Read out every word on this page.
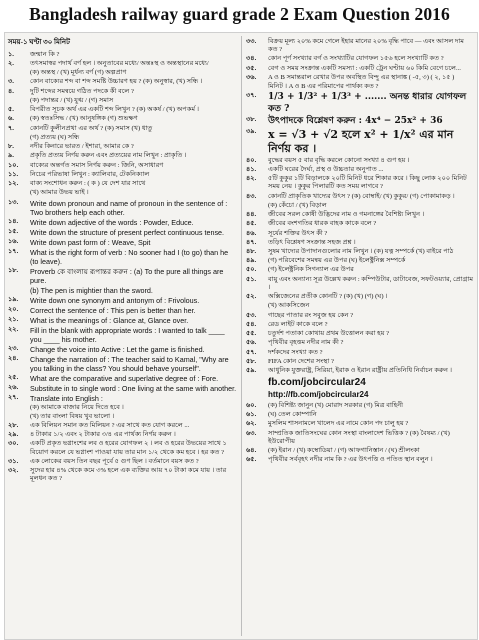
Bangladesh railway guard grade 2 Exam Question 2016
সময়-১ ঘণ্টা ৩০ মিনিট
১.	জন্মান কি ?
২.	তৎসমাস্বর পদার্থ বর্ণ হল । অনুতাবের মধ্যে/ অন্তঃস্থ ও অন্তস্থানের মধ্যে/
(ক) অন্তস্থ / (খ) মূর্ধন্য বর্ণ (গ) অল্পপ্রাণ
৩.	কোন বাক্যের শব্দ বা শব্দ সমষ্টি উচ্চারণ হয় ? (ক) অনুস্বার, (খ) সন্ধি ।
৪.	দুটি শব্দের সমন্বয়ে গঠিত পদকে কী বলে ?
(ক) পদান্তর / (খ) যুগ্ম / (গ) সমাস
৫.	বিপরীত সূচক অর্থ এর একটি শব্দ লিখুন ? (ক) অকর্ষ / (খ) অপকর্ম ।
৬.	(ক) স্বতঃসিদ্ধ / (খ) আনুষঙ্গিক (গ) শুভক্ষণ
৭.	কোনটি কুলীনপ্রথা এর অর্থ ? (ক) সমাস (খ) ধাতু
(গ) প্রত্যয় (ঘ) সন্ধি
৮.	নদীর কিনারে ভারত / ইশারা, আমার কে ?
৯.	প্রকৃতি প্রত্যয় নির্ণয় করুন এবং প্রত্যয়ের নাম লিখুন : প্রাকৃতি ।
১০.	বাক্যের অন্তর্গত সমাস নির্ণয় করুন : জিনি, অসাধারণ
১১.	নিচের পরিভাষা লিখুন : ক্যালিবার, টেকনিক্যাল
১২.	বাক্য সংশোধন করুন : ( ক ) যে দেশ যার সাথে
(খ) আমার উভয় ভাই ।
১৩.	Write down pronoun and name of pronoun in the sentence of : Two brothers help each other.
১৪.	Write down adjective of the words : Powder, Educe.
১৫.	Write down the structure of present perfect continuous tense.
১৬.	Write down past form of : Weave, Spit
১৭.	What is the right form of verb : No sooner had I (to go) than he (to leave).
১৮.	Proverb কে বাংলায় রূপান্তর করুন : (a) To the pure all things are pure.
(b) The pen is mightier than the sword.
১৯.	Write down one synonym and antonym of : Frivolous.
২০.	Correct the sentence of : This pen is better than her.
২১.	What is the meanings of : Glance at, Glance over.
২২.	Fill in the blank with appropriate words : I wanted to talk ____ you ____ his mother.
২৩.	Change the voice into Active : Let the game is finished.
২৪.	Change the narration of : The teacher said to Kamal, "Why are you talking in the class? You should behave yourself".
২৫.	What are the comparative and superlative degree of : Fore.
২৬.	Substitute in to single word : One living at the same with another.
২৭.	Translate into English :
(ক) আমাকে বাজার নিয়ে দিতে হবে ।
(খ) তার বাংলা বিষয় খুব ভালো ।
২৮.	এক বিলিয়ন সমান কত মিলিয়ন ? এর সাথে কত যোগ করলে ...
২৯.	৪ টাকার ১/২ এবং ২ টাকার ৩/৪ এর পার্থক্য নির্ণয় করুন ।
৩০.	একটি প্রকৃত ভগ্নাংশের লব ও হরের যোগফল ২ । লব ও হরের উভয়ের সাথে ১ বিয়োগ করলে যে ভগ্নাংশ পাওয়া যায় তার মান ১/২ থেকে কম হবে । হর কত ?
৩১.	এক লোকের বয়স তিন বছর পূর্বে ৫ গুণ ছিল । বর্তমানে বয়স কত ?
৩২.	সুদের হার ৪% থেকে কমে ৩% হলে এক ব্যক্তির আয় ৭০ টাকা কমে যায় । তার মূলধন কত ?
৩৩.	বিক্রয় মূল্য ২০% কমে গেলে ইহার মানের ২০% বৃদ্ধি পাবে — এবং আসল দাম কত ?
৩৪.	কোন পূর্ণ সংখ্যার বর্গ ও সংখ্যাটির যোগফল ১৫৬ হলে সংখ্যাটি কত ?
৩৫.	বেগ ও সময় সংক্রান্ত একটি সমস্যা : একটি ট্রেন ঘণ্টায় ৬০ কিমি বেগে চলে...
৩৬.	A ও B সমান্তরাল রেখার উপর অবস্থিত বিন্দু এর স্থানাঙ্ক ( -৫, ৩) ( ২, ১৫ )
মিনিট । A ও B এর পরিমাপের পার্থক্য কত ?
৩৭.	1/3 + 1/3² + 1/3³ + ....... অনন্ত ধারার যোগফল কত ?
৩৮.	উৎপাদকে বিশ্লেষণ করুন : 4x⁴ − 25x² + 36
৩৯.	x = √3 + √2 হলে x² + 1/x² এর মান নির্ণয় কর ।
৪০.	বুদ্ধের বয়স ৫ বার বৃদ্ধি করলে কোনো সংখ্যা ৪ গুণ হয় ।
৪১.	একটি ঘরের দৈর্ঘ্য, প্রস্থ ও উচ্চতার অনুপাত ...
৪২.	৫টি কুকুর ১টি বিড়ালকে ২০টি মিনিট ধরে শিকার করে । কিছু লোক ২০০ মিনিট সময় নেয় । কুকুর পিলারটি কত সময় লাগবে ?
৪৩.	কোনটি প্রাকৃতিক খাদ্যের উৎস ? (ক) বোম্বাই/ (খ) কুকুর/ (গ) পোকামাকড় ।
(ক) কেঁচো / (খ) বিড়াল
৪৪.	জীবের সরল কোষী উদ্ভিদের নাম ও গমনাঙ্গের বৈশিষ্ট্য লিখুন ।
৪৫.	জীবের বংশগতির ধারক বাহক কাকে বলে ?
৪৬.	সূর্যের শক্তির উৎস কী ?
৪৭.	তড়িৎ বিশ্লেষণ সংক্রান্ত সহজ প্রশ্ন ।
৪৮.	সুষম খাদ্যের উপাদানগুলোর নাম লিখুন । (ক) যত্ন সম্পর্কে (খ) বাইরে পাঠ
৪৯.	(গ) পরিবেশের সমন্বয় এর উপর (ঘ) ইলেক্ট্রনিক্স সম্পর্কে
৫০.	(গ) ইলেক্ট্রনিক সিগন্যাল এর উপর
৫১.	বায়ু এবং অন্যান্য সূত্র উল্লেখ করুন : কম্পিউটার, ডাটাবেজ, সফটওয়্যার, প্রোগ্রাম ।
৫২.	অক্সিজেনের প্রতীক কোনটি ? (ক) (খ) (গ) (ঘ) ।
(খ) আকসিজেন
৫৩.	গাছের পাতার রং সবুজ হয় কেন ?
৫৪.	রেড লাইট কাকে বলে ?
৫৫.	চতুর্দশ পতাকা কোথায় প্রথম উত্তোলন করা হয় ?
৫৬.	পৃথিবীর বৃহত্তম নদীর নাম কী ?
৫৭.	দর্শকদের সংখ্যা কত ?
৫৮.	FIFA কোন দেশের সংস্থা ?
৫৯.	আধুনিক যুক্তরাষ্ট্র, সিরিয়া, ইরাক ও ইরান রাষ্ট্রীয় প্রতিনিধি নির্বাচন করুন ।
fb.com/jobcircular24
http://fb.com/jobcircular24
৬০.	(ক) বিশিষ্ট্য জানুন (খ) মোরাদ সরকার (গ) মিত্র বাহিনী
৬১.	(ঘ) তেল কোম্পানি
৬২.	মুসলিম শাসনামলে খালেদ এর নামে কোন পদ চালু হয় ?
৬৩.	সাম্প্রতিক জাতিসংঘের কোন সংস্থা বাংলাদেশ ভিত্তিক ? (ক) বৈষম্য / (খ) ইউরোপীয়
৬৪.	(ক) ইরান / (খ) কম্বোডিয়া / (গ) আফগানিস্তান / (ঘ) শ্রীলংকা
৬৫.	পৃথিবীর সর্ববৃহৎ নদীর নাম কি ? এর উৎপত্তি ও পতিত স্থান বলুন ।
